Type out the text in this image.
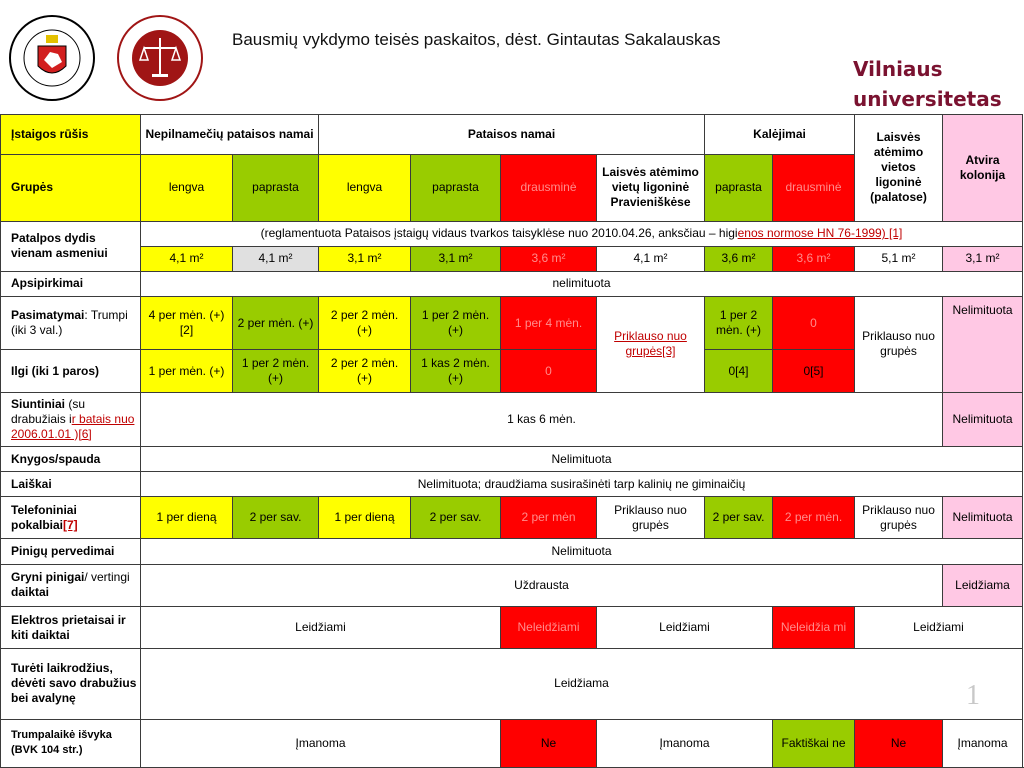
Bausmių vykdymo teisės paskaitos, dėst. Gintautas Sakalauskas
Vilniaus
universitetas
Įstaigos rūšis	Nepilnamečių pataisos namai		Pataisos namai				Kalėjimai		Laisvės atėmimo vietos ligoninė (palatose)	Atvira kolonija
Grupės	lengva	paprasta	lengva	paprasta	drausminė	Laisvės atėmimo vietų ligoninė Pravieniškėse	paprasta	drausminė		
Patalpos dydis vienam asmeniui	(reglamentuota Pataisos įstaigų vidaus tvarkos taisyklėse nuo 2010.04.26, anksčiau – higienos normose HN 76-1999) [1]									
	4,1 m²	4,1 m²	3,1 m²	3,1 m²	3,6 m²	4,1 m²	3,6 m²	3,6 m²	5,1 m²	3,1 m²
Apsipirkimai	nelimituota									
Pasimatymai: Trumpi (iki 3 val.)	4 per mėn. (+)[2]	2 per mėn. (+)	2 per 2 mėn. (+)	1 per 2 mėn. (+)	1 per 4 mėn.	Priklauso nuo grupės[3]	1 per 2 mėn. (+)	0	Priklauso nuo grupės	Nelimituota
Ilgi (iki 1 paros)	1 per mėn. (+)	1 per 2 mėn. (+)	2 per 2 mėn. (+)	1 kas 2 mėn. (+)	0		0[4]	0[5]		
Siuntiniai (su drabužiais ir batais nuo 2006.01.01 )[6]	1 kas 6 mėn.									Nelimituota
Knygos/spauda	Nelimituota									
Laiškai	Nelimituota; draudžiama susirašinėti tarp kalinių ne giminaičių									
Telefoniniai pokalbiai[7]	1 per dieną	2 per sav.	1 per dieną	2 per sav.	2 per mėn	Priklauso nuo grupės	2 per sav.	2 per mėn.	Priklauso nuo grupės	Nelimituota
Pinigų pervedimai	Nelimituota									
Gryni pinigai/ vertingi daiktai	Uždrausta									Leidžiama
Elektros prietaisai ir kiti daiktai	Leidžiami				Neleidžiami	Leidžiami		Neleidžia mi	Leidžiami	
Turėti laikrodžius, dėvėti savo drabužius bei avalynę	Leidžiama									
Trumpalaikė išvyka (BVK 104 str.)	Įmanoma				Ne	Įmanoma		Faktiškai ne	Ne	Įmanoma
1
